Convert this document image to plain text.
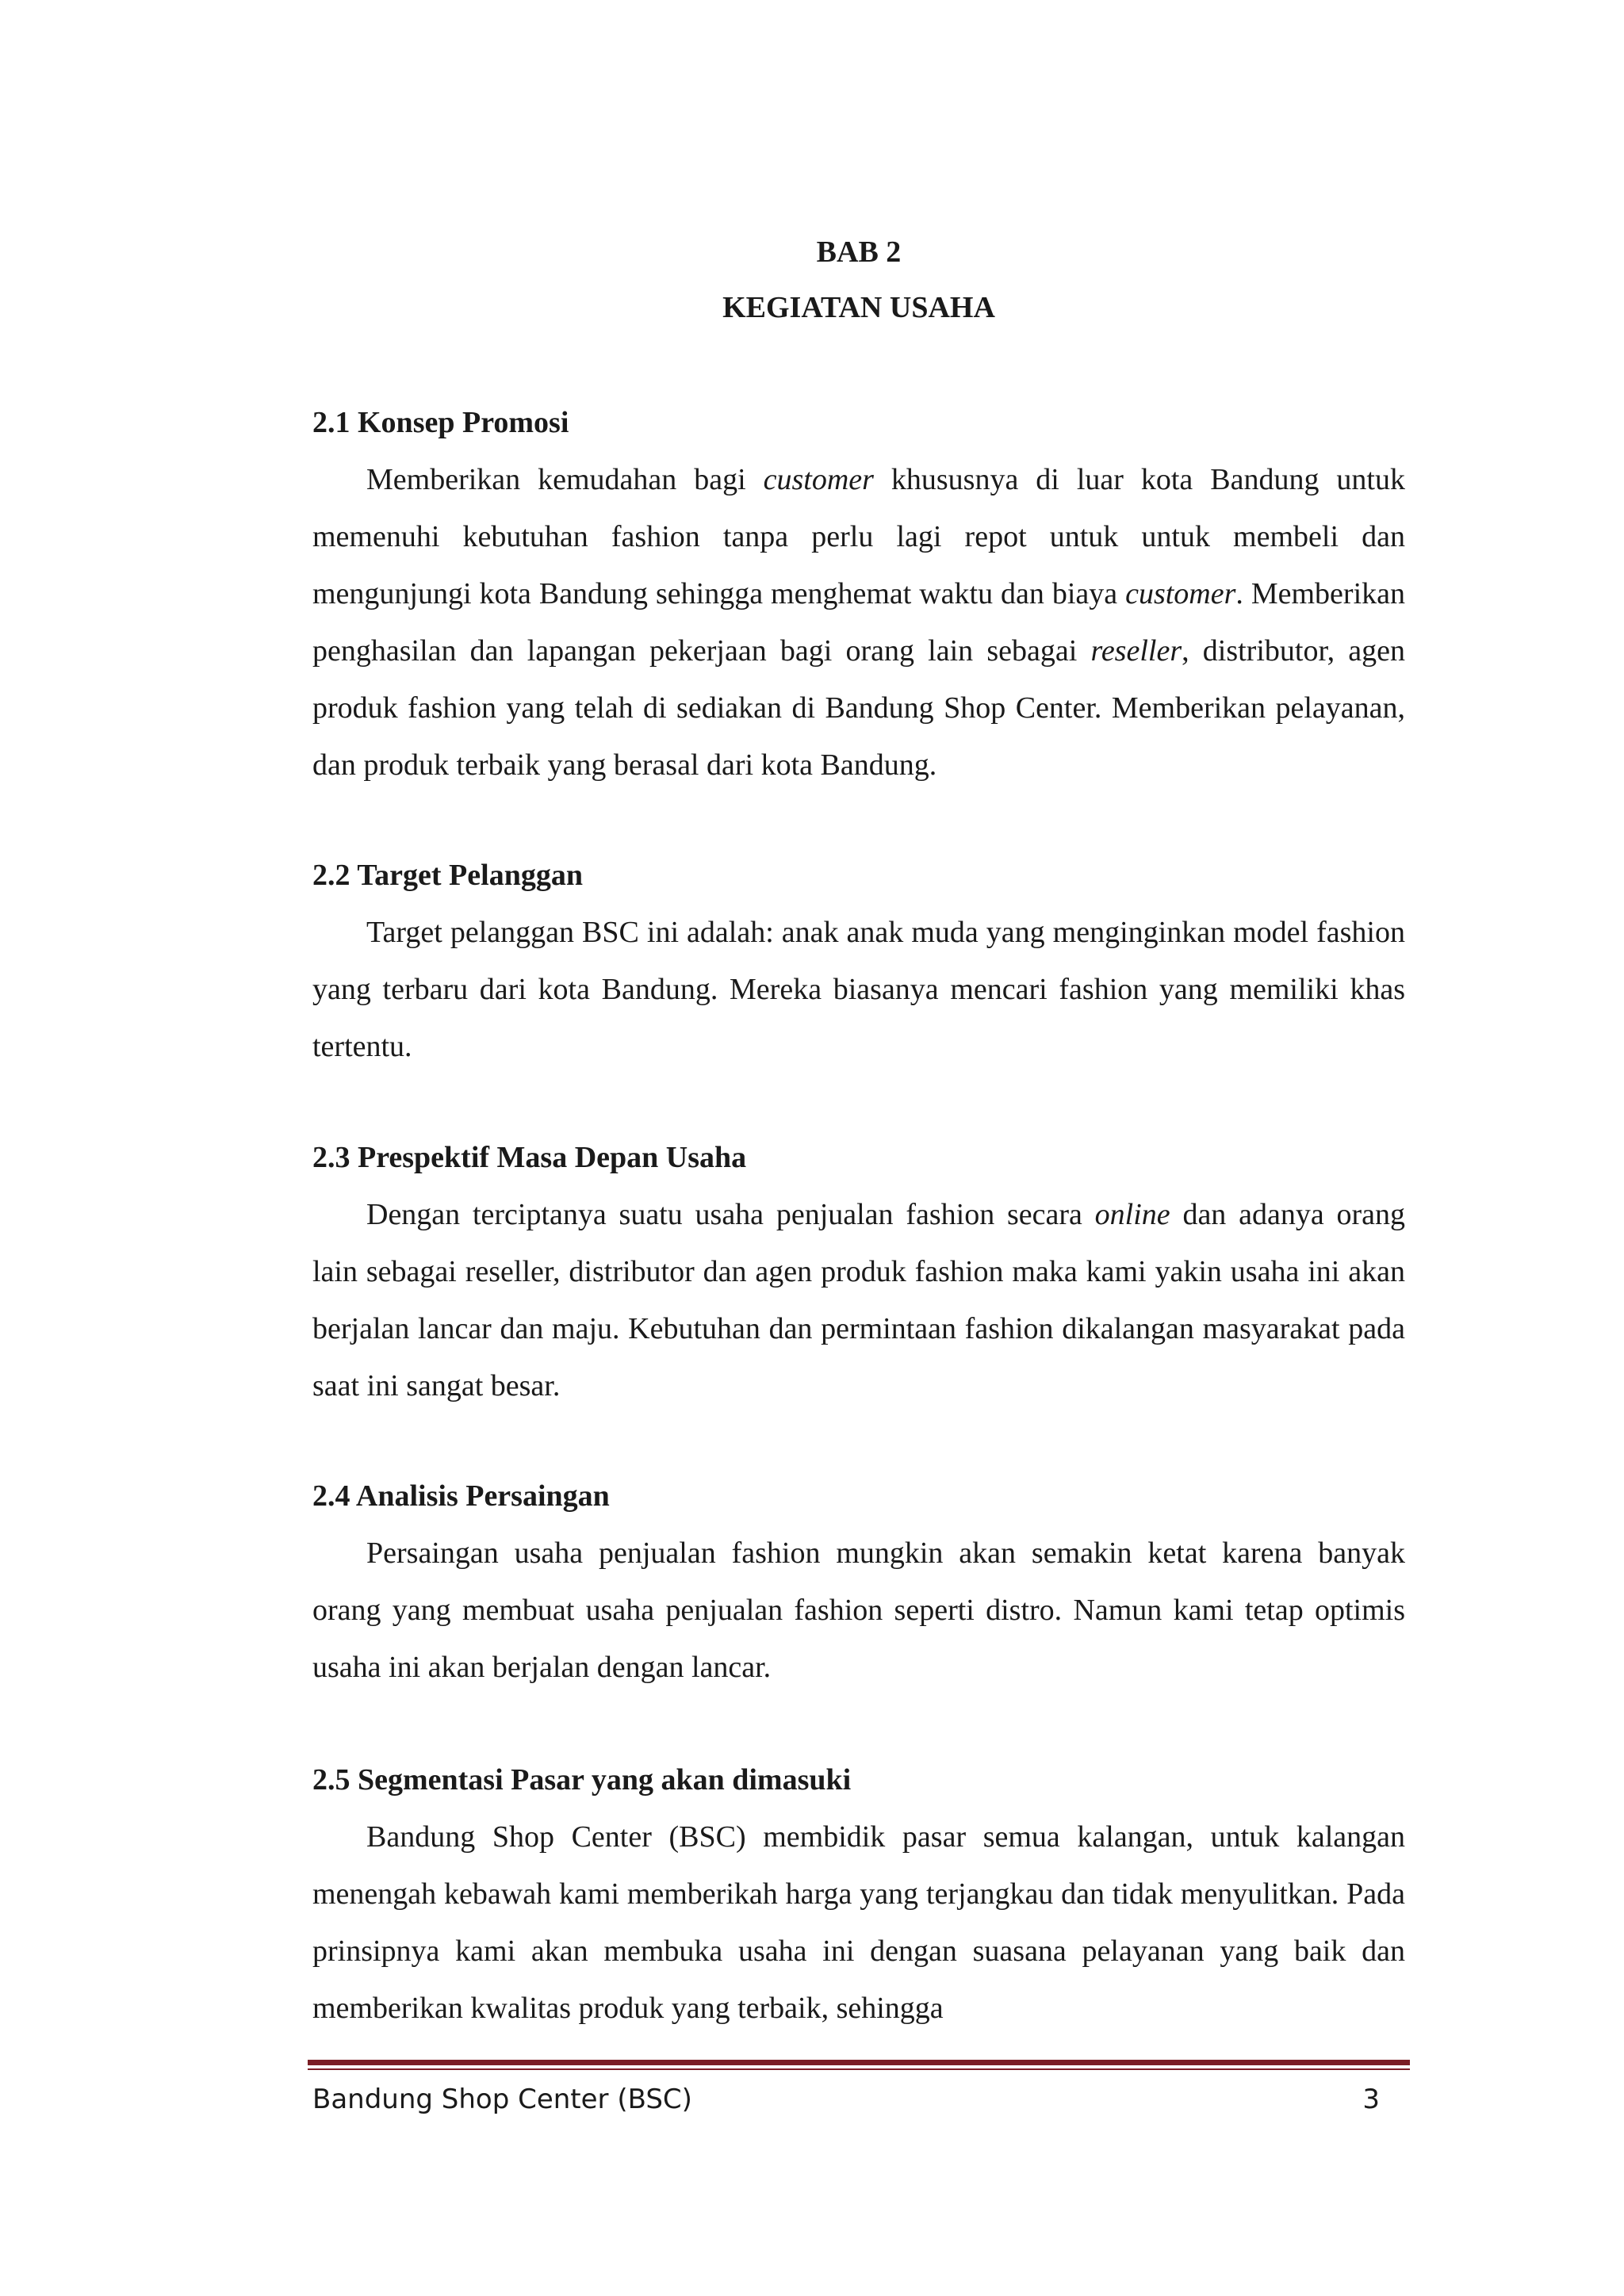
BAB 2
KEGIATAN USAHA
2.1 Konsep Promosi

Memberikan kemudahan bagi customer khususnya di luar kota Bandung untuk memenuhi kebutuhan fashion tanpa perlu lagi repot untuk untuk membeli dan mengunjungi kota Bandung sehingga menghemat waktu dan biaya customer. Memberikan penghasilan dan lapangan pekerjaan bagi orang lain sebagai reseller, distributor, agen produk fashion yang telah di sediakan di Bandung Shop Center. Memberikan pelayanan, dan produk terbaik yang berasal dari kota Bandung.

2.2 Target Pelanggan

Target pelanggan BSC ini adalah: anak anak muda yang menginginkan model fashion yang terbaru dari kota Bandung. Mereka biasanya mencari fashion yang memiliki khas tertentu.

2.3 Prespektif Masa Depan Usaha

Dengan terciptanya suatu usaha penjualan fashion secara online dan adanya orang lain sebagai reseller, distributor dan agen produk fashion maka kami yakin usaha ini akan berjalan lancar dan maju. Kebutuhan dan permintaan fashion dikalangan masyarakat pada saat ini sangat besar.

2.4 Analisis Persaingan

Persaingan usaha penjualan fashion mungkin akan semakin ketat karena banyak orang yang membuat usaha penjualan fashion seperti distro. Namun kami tetap optimis usaha ini akan berjalan dengan lancar.

2.5 Segmentasi Pasar yang akan dimasuki

Bandung Shop Center (BSC) membidik pasar semua kalangan, untuk kalangan menengah kebawah kami memberikah harga yang terjangkau dan tidak menyulitkan. Pada prinsipnya kami akan membuka usaha ini dengan suasana pelayanan yang baik dan memberikan kwalitas produk yang terbaik, sehingga

Bandung Shop Center (BSC)	3
